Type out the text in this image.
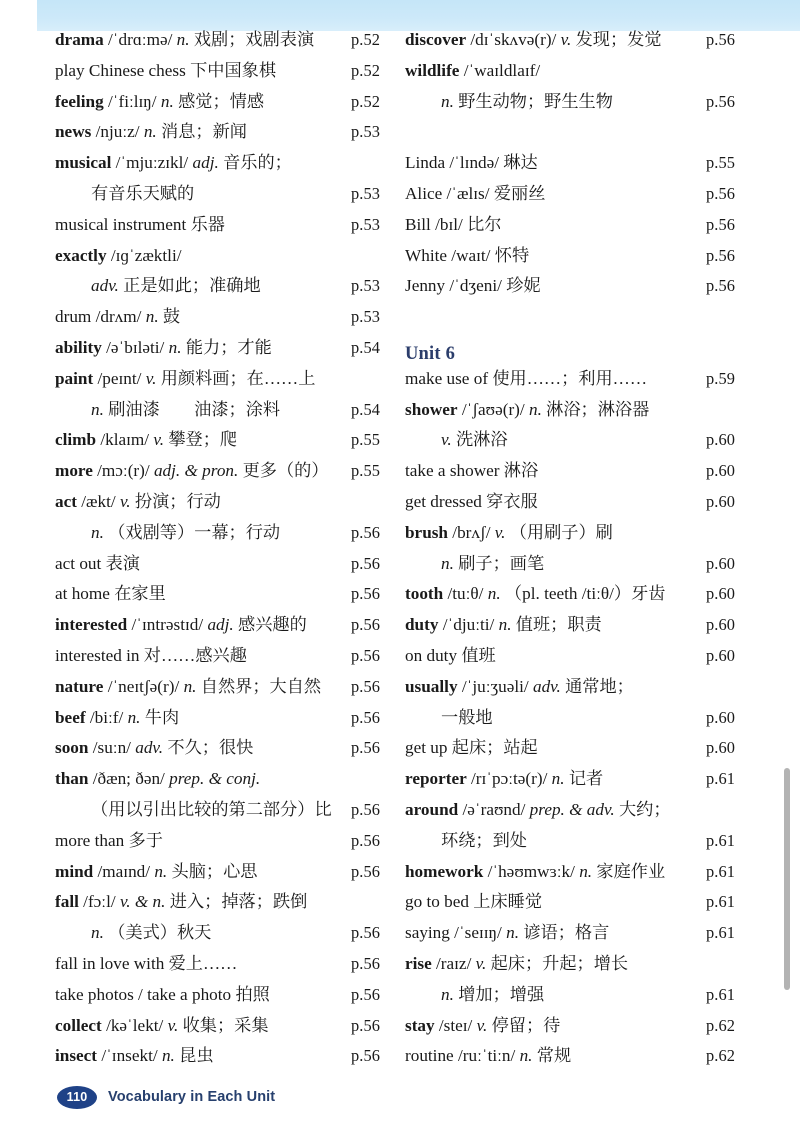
drama /ˈdrɑːmə/ n. 戏剧；戏剧表演 p.52
play Chinese chess 下中国象棋	p.52
feeling /ˈfiːlɪŋ/ n. 感觉；情感	p.52
news /njuːz/ n. 消息；新闻	p.53
musical /ˈmjuːzɪkl/ adj. 音乐的；
有音乐天赋的	p.53
musical instrument 乐器	p.53
exactly /ɪɡˈzæktli/
adv. 正是如此；准确地	p.53
drum /drʌm/ n. 鼓	p.53
ability /əˈbɪləti/ n. 能力；才能	p.54
paint /peɪnt/ v. 用颜料画；在……上
n. 刷油漆　　油漆；涂料	p.54
climb /klaɪm/ v. 攀登；爬	p.55
more /mɔː(r)/ adj. & pron. 更多（的） p.55
act /ækt/ v. 扮演；行动
n. （戏剧等）一幕；行动	p.56
act out 表演	p.56
at home 在家里	p.56
interested /ˈɪntrəstɪd/ adj. 感兴趣的	p.56
interested in 对……感兴趣	p.56
nature /ˈneɪtʃə(r)/ n. 自然界；大自然 p.56
beef /biːf/ n. 牛肉	p.56
soon /suːn/ adv. 不久；很快	p.56
than /ðæn; ðən/ prep. & conj.
（用以引出比较的第二部分）比 p.56
more than 多于	p.56
mind /maɪnd/ n. 头脑；心思	p.56
fall /fɔːl/ v. & n. 进入；掉落；跌倒
n. （美式）秋天	p.56
fall in love with 爱上……	p.56
take photos / take a photo 拍照	p.56
collect /kəˈlekt/ v. 收集；采集	p.56
insect /ˈɪnsekt/ n. 昆虫	p.56
discover /dɪˈskʌvə(r)/ v. 发现；发觉	p.56
wildlife /ˈwaɪldlaɪf/
n. 野生动物；野生生物	p.56
Linda /ˈlɪndə/ 琳达	p.55
Alice /ˈælɪs/ 爱丽丝	p.56
Bill /bɪl/ 比尔	p.56
White /waɪt/ 怀特	p.56
Jenny /ˈdʒeni/ 珍妮	p.56
Unit 6
make use of 使用……；利用……	p.59
shower /ˈʃaʊə(r)/ n. 淋浴；淋浴器
v. 洗淋浴	p.60
take a shower 淋浴	p.60
get dressed 穿衣服	p.60
brush /brʌʃ/ v. （用刷子）刷
n. 刷子；画笔	p.60
tooth /tuːθ/ n. （pl. teeth /tiːθ/）牙齿 p.60
duty /ˈdjuːti/ n. 值班；职责	p.60
on duty 值班	p.60
usually /ˈjuːʒuəli/ adv. 通常地；
一般地	p.60
get up 起床；站起	p.60
reporter /rɪˈpɔːtə(r)/ n. 记者	p.61
around /əˈraʊnd/ prep. & adv. 大约；
环绕；到处	p.61
homework /ˈhəʊmwɜːk/ n. 家庭作业 p.61
go to bed 上床睡觉	p.61
saying /ˈseɪɪŋ/ n. 谚语；格言	p.61
rise /raɪz/ v. 起床；升起；增长
n. 增加；增强	p.61
stay /steɪ/ v. 停留；待	p.62
routine /ruːˈtiːn/ n. 常规	p.62
110	Vocabulary in Each Unit
